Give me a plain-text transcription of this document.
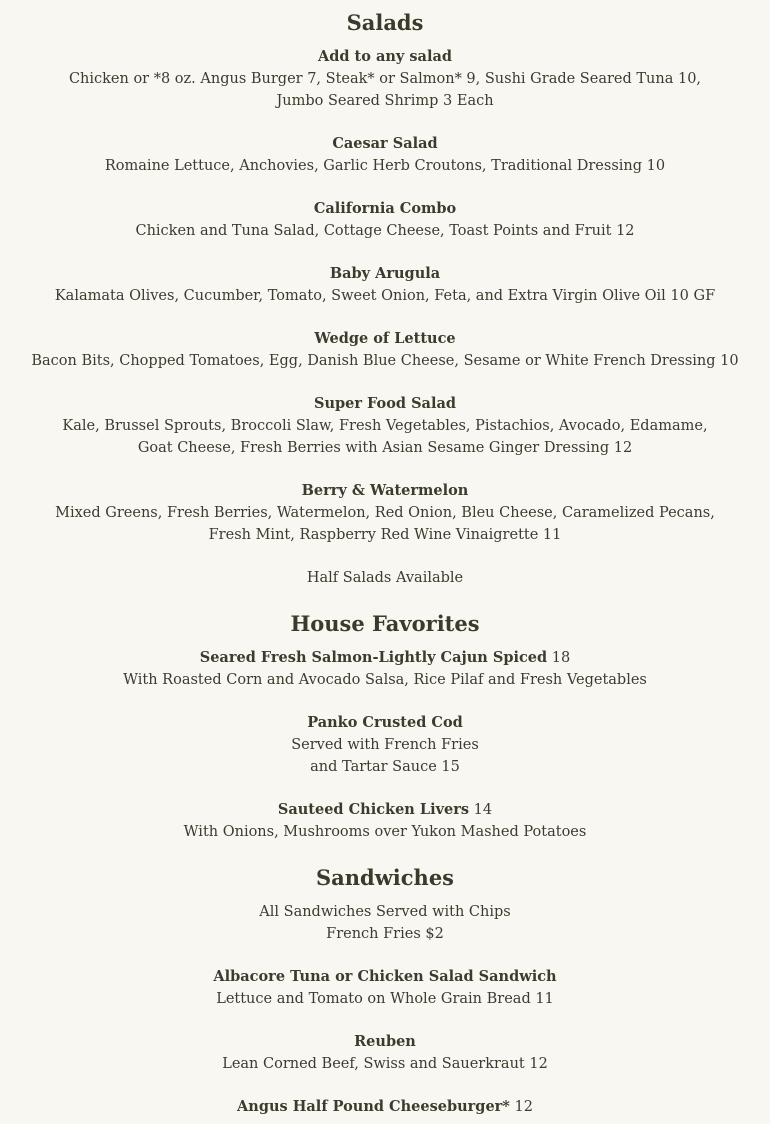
Salads
Add to any salad
Chicken or *8 oz. Angus Burger 7, Steak* or Salmon* 9, Sushi Grade Seared Tuna 10, Jumbo Seared Shrimp 3 Each
Caesar Salad
Romaine Lettuce, Anchovies, Garlic Herb Croutons, Traditional Dressing 10
California Combo
Chicken and Tuna Salad, Cottage Cheese, Toast Points and Fruit 12
Baby Arugula
Kalamata Olives, Cucumber, Tomato, Sweet Onion, Feta, and Extra Virgin Olive Oil 10 GF
Wedge of Lettuce
Bacon Bits, Chopped Tomatoes, Egg, Danish Blue Cheese, Sesame or White French Dressing 10
Super Food Salad
Kale, Brussel Sprouts, Broccoli Slaw, Fresh Vegetables, Pistachios, Avocado, Edamame, Goat Cheese, Fresh Berries with Asian Sesame Ginger Dressing 12
Berry & Watermelon
Mixed Greens, Fresh Berries, Watermelon, Red Onion, Bleu Cheese, Caramelized Pecans, Fresh Mint, Raspberry Red Wine Vinaigrette 11
Half Salads Available
House Favorites
Seared Fresh Salmon-Lightly Cajun Spiced 18
With Roasted Corn and Avocado Salsa, Rice Pilaf and Fresh Vegetables
Panko Crusted Cod
Served with French Fries
and Tartar Sauce 15
Sauteed Chicken Livers 14
With Onions, Mushrooms over Yukon Mashed Potatoes
Sandwiches
All Sandwiches Served with Chips
French Fries $2
Albacore Tuna or Chicken Salad Sandwich
Lettuce and Tomato on Whole Grain Bread 11
Reuben
Lean Corned Beef, Swiss and Sauerkraut 12
Angus Half Pound Cheeseburger* 12
